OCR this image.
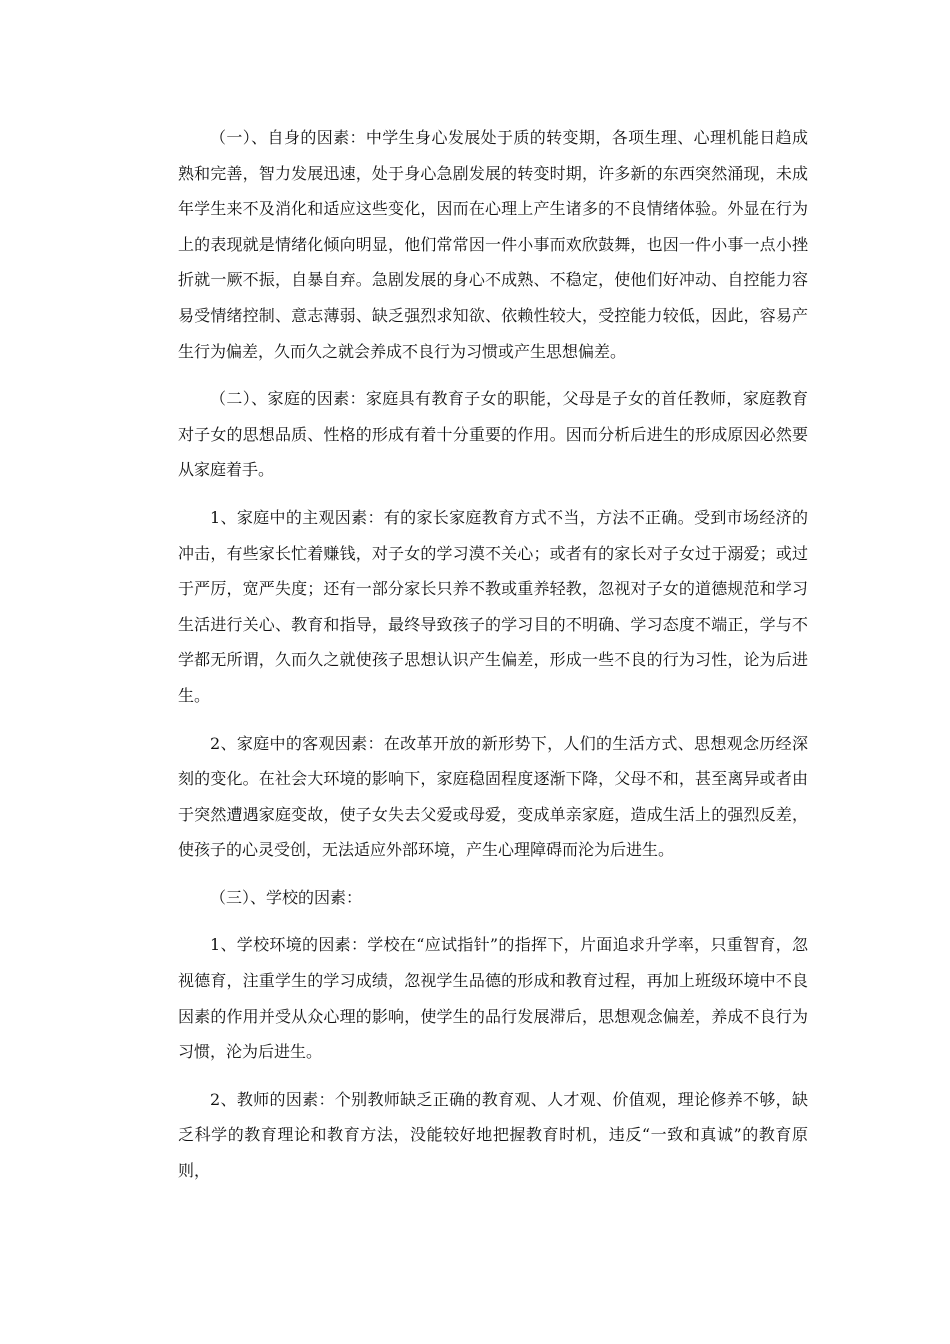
（一）、自身的因素：中学生身心发展处于质的转变期，各项生理、心理机能日趋成熟和完善，智力发展迅速，处于身心急剧发展的转变时期，许多新的东西突然涌现，未成年学生来不及消化和适应这些变化，因而在心理上产生诸多的不良情绪体验。外显在行为上的表现就是情绪化倾向明显，他们常常因一件小事而欢欣鼓舞，也因一件小事一点小挫折就一厥不振，自暴自弃。急剧发展的身心不成熟、不稳定，使他们好冲动、自控能力容易受情绪控制、意志薄弱、缺乏强烈求知欲、依赖性较大，受控能力较低，因此，容易产生行为偏差，久而久之就会养成不良行为习惯或产生思想偏差。

（二）、家庭的因素：家庭具有教育子女的职能，父母是子女的首任教师，家庭教育对子女的思想品质、性格的形成有着十分重要的作用。因而分析后进生的形成原因必然要从家庭着手。

1、家庭中的主观因素：有的家长家庭教育方式不当，方法不正确。受到市场经济的冲击，有些家长忙着赚钱，对子女的学习漠不关心；或者有的家长对子女过于溺爱；或过于严厉，宽严失度；还有一部分家长只养不教或重养轻教，忽视对子女的道德规范和学习生活进行关心、教育和指导，最终导致孩子的学习目的不明确、学习态度不端正，学与不学都无所谓，久而久之就使孩子思想认识产生偏差，形成一些不良的行为习性，论为后进生。

2、家庭中的客观因素：在改革开放的新形势下，人们的生活方式、思想观念历经深刻的变化。在社会大环境的影响下，家庭稳固程度逐渐下降，父母不和，甚至离异或者由于突然遭遇家庭变故，使子女失去父爱或母爱，变成单亲家庭，造成生活上的强烈反差，使孩子的心灵受创，无法适应外部环境，产生心理障碍而沦为后进生。

（三）、学校的因素：

1、学校环境的因素：学校在“应试指针”的指挥下，片面追求升学率，只重智育，忽视德育，注重学生的学习成绩，忽视学生品德的形成和教育过程，再加上班级环境中不良因素的作用并受从众心理的影响，使学生的品行发展滞后，思想观念偏差，养成不良行为习惯，沦为后进生。

2、教师的因素：个别教师缺乏正确的教育观、人才观、价值观，理论修养不够，缺乏科学的教育理论和教育方法，没能较好地把握教育时机，违反“一致和真诚”的教育原则，
